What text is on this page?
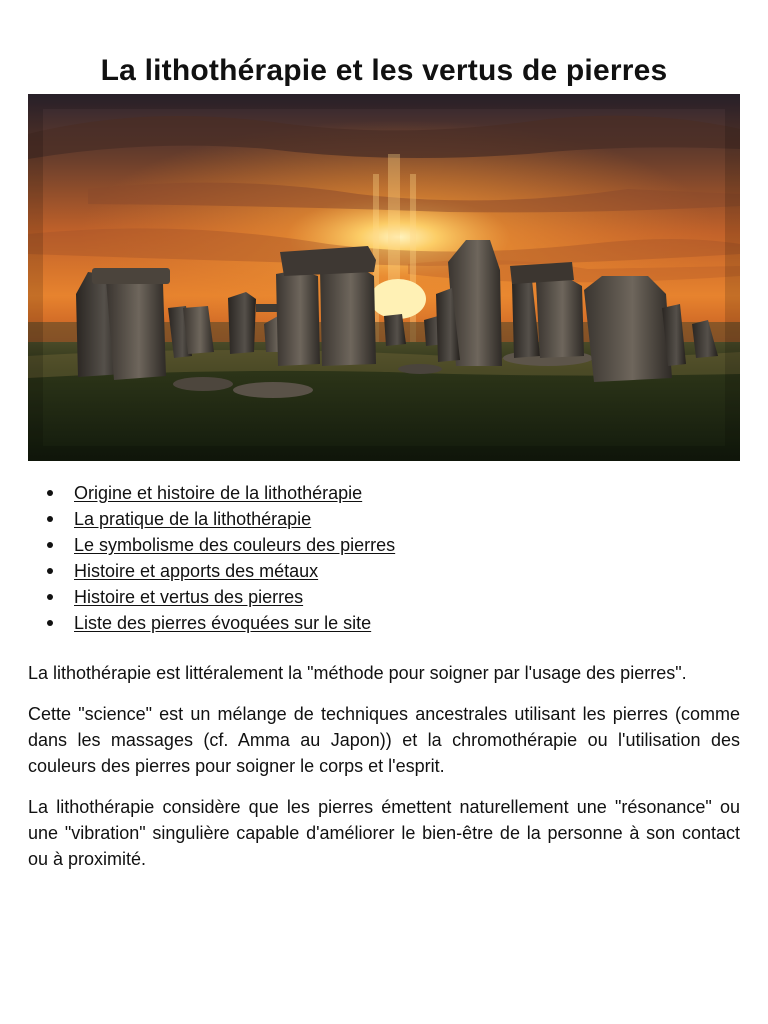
La lithothérapie et les vertus de pierres
Origine et histoire de la lithothérapie
La pratique de la lithothérapie
Le symbolisme des couleurs des pierres
Histoire et apports des métaux
Histoire et vertus des pierres
Liste des pierres évoquées sur le site

La lithothérapie est littéralement la "méthode pour soigner par l'usage des pierres".

Cette "science" est un mélange de techniques ancestrales utilisant les pierres (comme dans les massages (cf. Amma au Japon)) et la chromothérapie ou l'utilisation des couleurs des pierres pour soigner le corps et l'esprit.

La lithothérapie considère que les pierres émettent naturellement une "résonance" ou une "vibration" singulière capable d'améliorer le bien-être de la personne à son contact ou à proximité.
